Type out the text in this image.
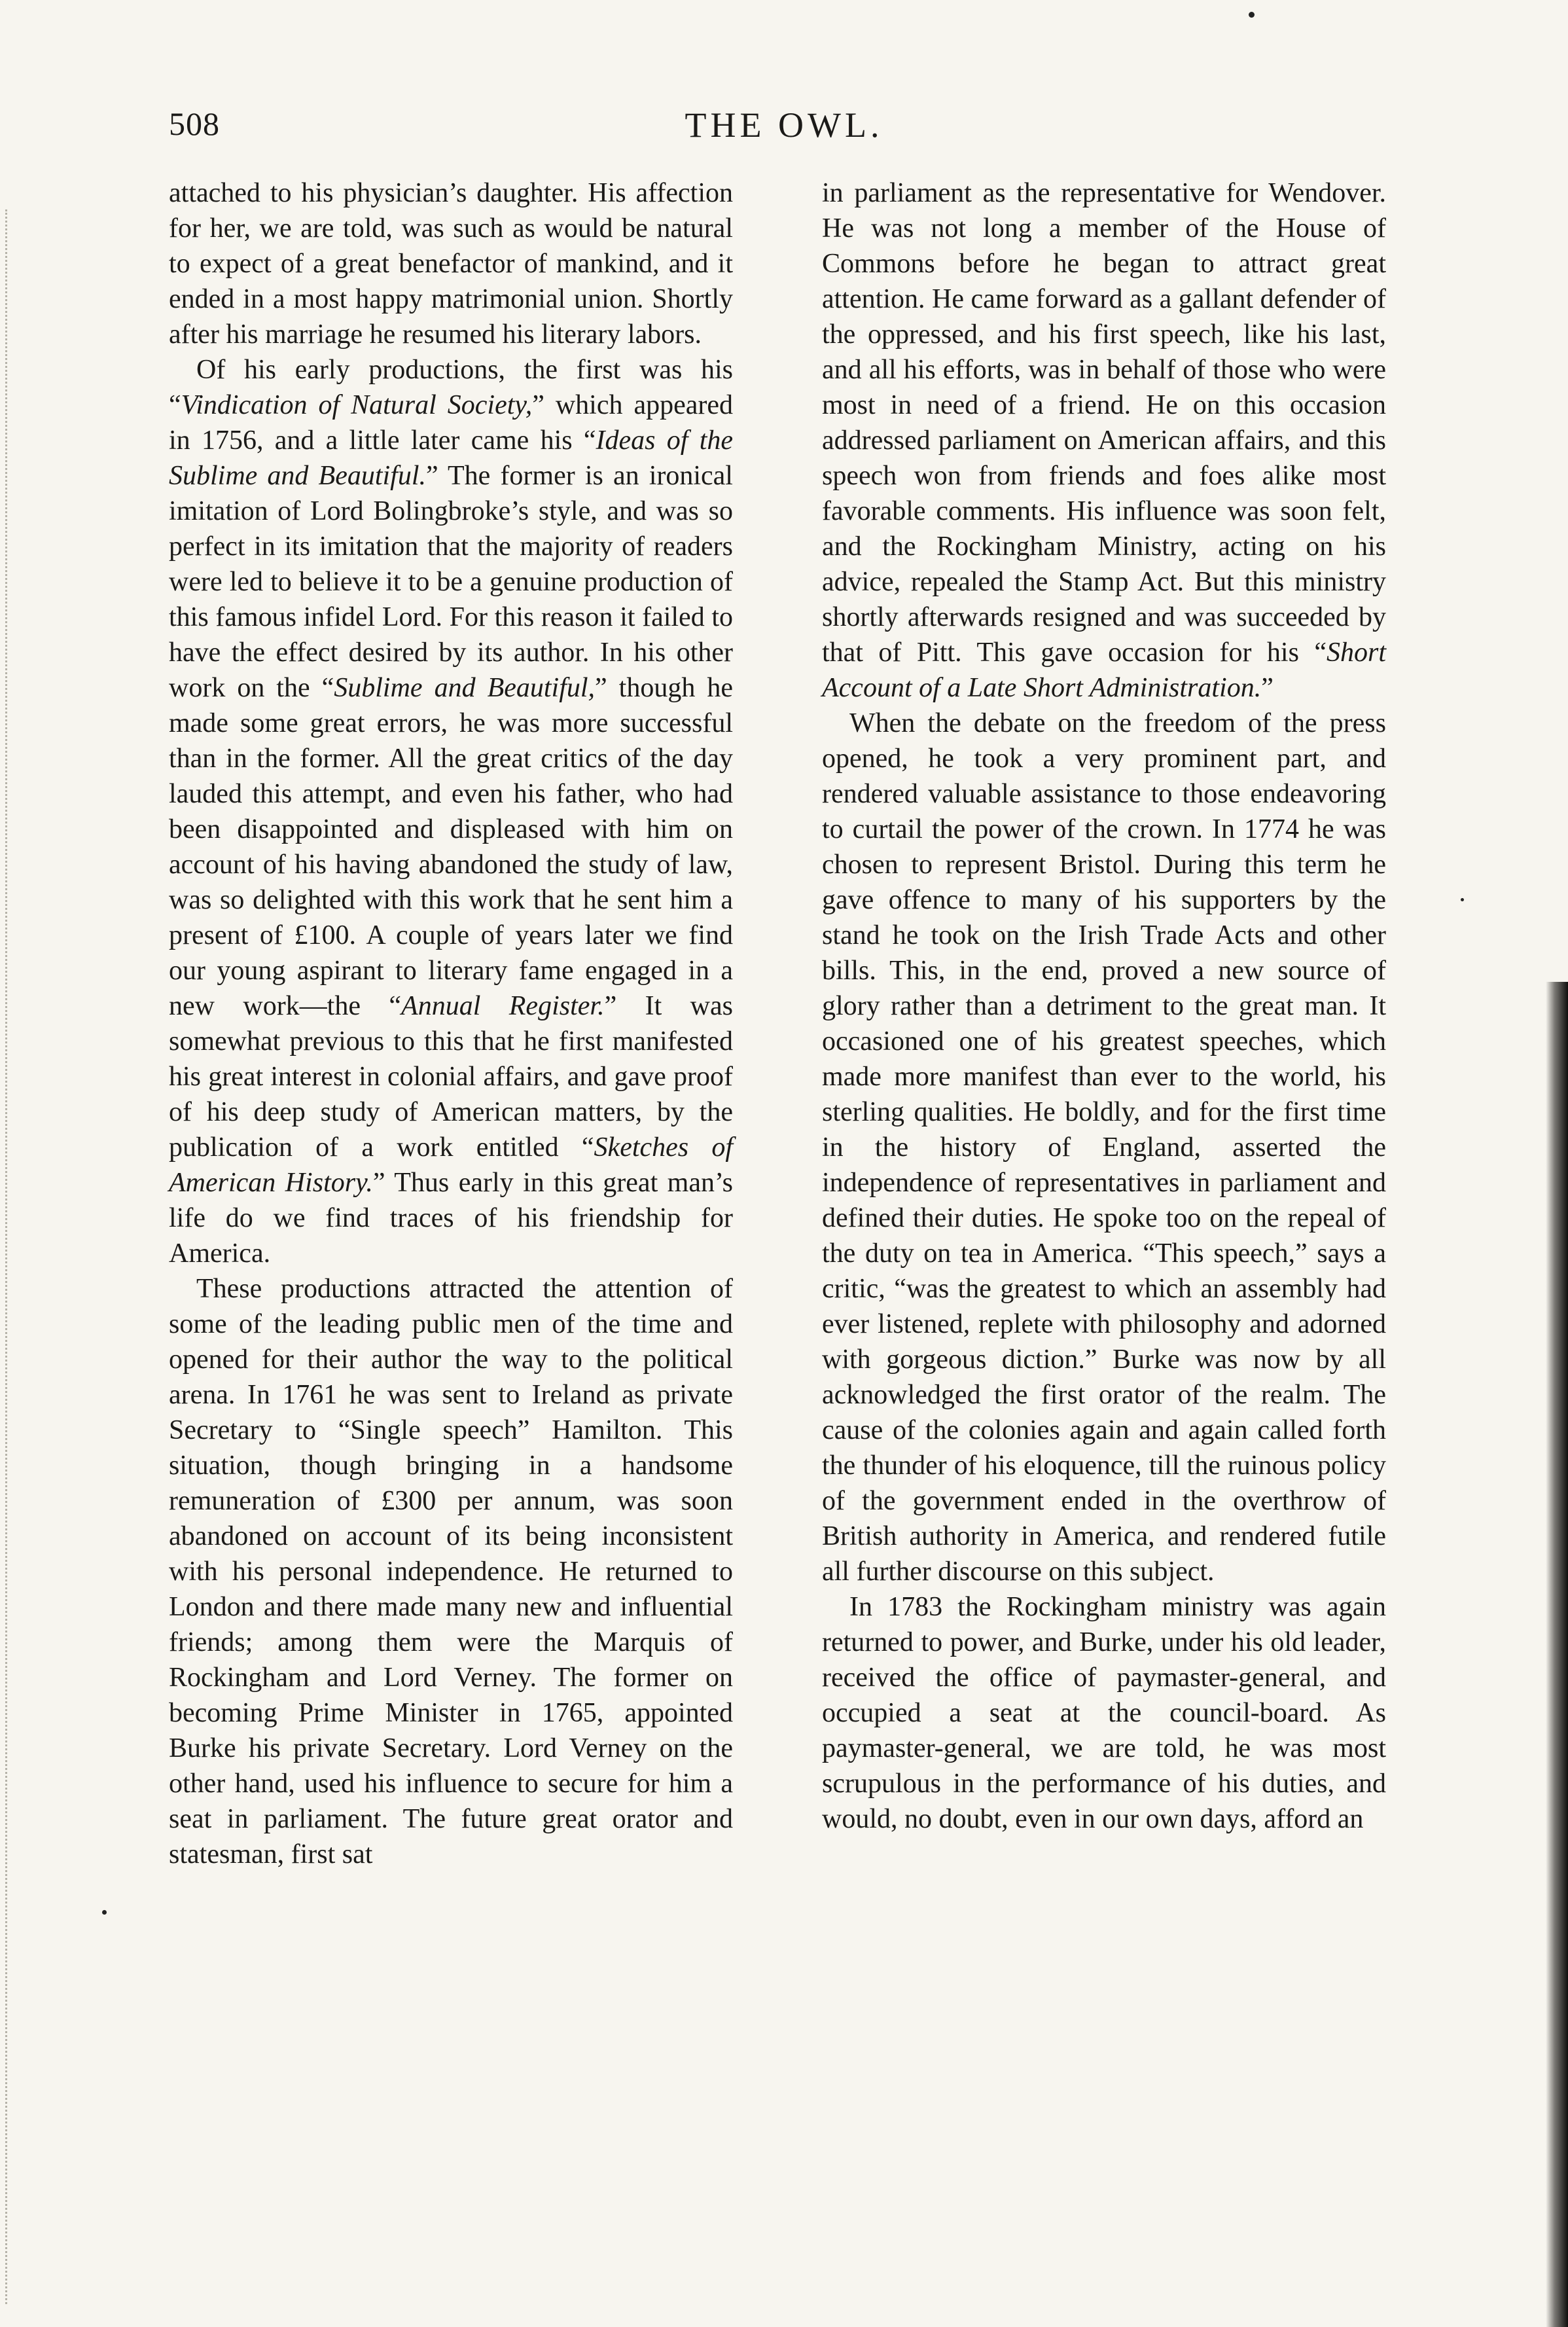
508	THE OWL.

attached to his physician’s daughter. His affection for her, we are told, was such as would be natural to expect of a great benefactor of mankind, and it ended in a most happy matrimonial union. Shortly after his marriage he resumed his literary labors.

Of his early productions, the first was his “Vindication of Natural Society,” which appeared in 1756, and a little later came his “Ideas of the Sublime and Beautiful.” The former is an ironical imitation of Lord Bolingbroke’s style, and was so perfect in its imitation that the majority of readers were led to believe it to be a genuine production of this famous infidel Lord. For this reason it failed to have the effect desired by its author. In his other work on the “Sublime and Beautiful,” though he made some great errors, he was more successful than in the former. All the great critics of the day lauded this attempt, and even his father, who had been disappointed and displeased with him on account of his having abandoned the study of law, was so delighted with this work that he sent him a present of £100. A couple of years later we find our young aspirant to literary fame engaged in a new work—the “Annual Register.” It was somewhat previous to this that he first manifested his great interest in colonial affairs, and gave proof of his deep study of American matters, by the publication of a work entitled “Sketches of American History.” Thus early in this great man’s life do we find traces of his friendship for America.

These productions attracted the attention of some of the leading public men of the time and opened for their author the way to the political arena. In 1761 he was sent to Ireland as private Secretary to “Single speech” Hamilton. This situation, though bringing in a handsome remuneration of £300 per annum, was soon abandoned on account of its being inconsistent with his personal independence. He returned to London and there made many new and influential friends; among them were the Marquis of Rockingham and Lord Verney. The former on becoming Prime Minister in 1765, appointed Burke his private Secretary. Lord Verney on the other hand, used his influence to secure for him a seat in parliament. The future great orator and statesman, first sat

in parliament as the representative for Wendover. He was not long a member of the House of Commons before he began to attract great attention. He came forward as a gallant defender of the oppressed, and his first speech, like his last, and all his efforts, was in behalf of those who were most in need of a friend. He on this occasion addressed parliament on American affairs, and this speech won from friends and foes alike most favorable comments. His influence was soon felt, and the Rockingham Ministry, acting on his advice, repealed the Stamp Act. But this ministry shortly afterwards resigned and was succeeded by that of Pitt. This gave occasion for his “Short Account of a Late Short Administration.”

When the debate on the freedom of the press opened, he took a very prominent part, and rendered valuable assistance to those endeavoring to curtail the power of the crown. In 1774 he was chosen to represent Bristol. During this term he gave offence to many of his supporters by the stand he took on the Irish Trade Acts and other bills. This, in the end, proved a new source of glory rather than a detriment to the great man. It occasioned one of his greatest speeches, which made more manifest than ever to the world, his sterling qualities. He boldly, and for the first time in the history of England, asserted the independence of representatives in parliament and defined their duties. He spoke too on the repeal of the duty on tea in America. “This speech,” says a critic, “was the greatest to which an assembly had ever listened, replete with philosophy and adorned with gorgeous diction.” Burke was now by all acknowledged the first orator of the realm. The cause of the colonies again and again called forth the thunder of his eloquence, till the ruinous policy of the government ended in the overthrow of British authority in America, and rendered futile all further discourse on this subject.

In 1783 the Rockingham ministry was again returned to power, and Burke, under his old leader, received the office of paymaster-general, and occupied a seat at the council-board. As paymaster-general, we are told, he was most scrupulous in the performance of his duties, and would, no doubt, even in our own days, afford an
